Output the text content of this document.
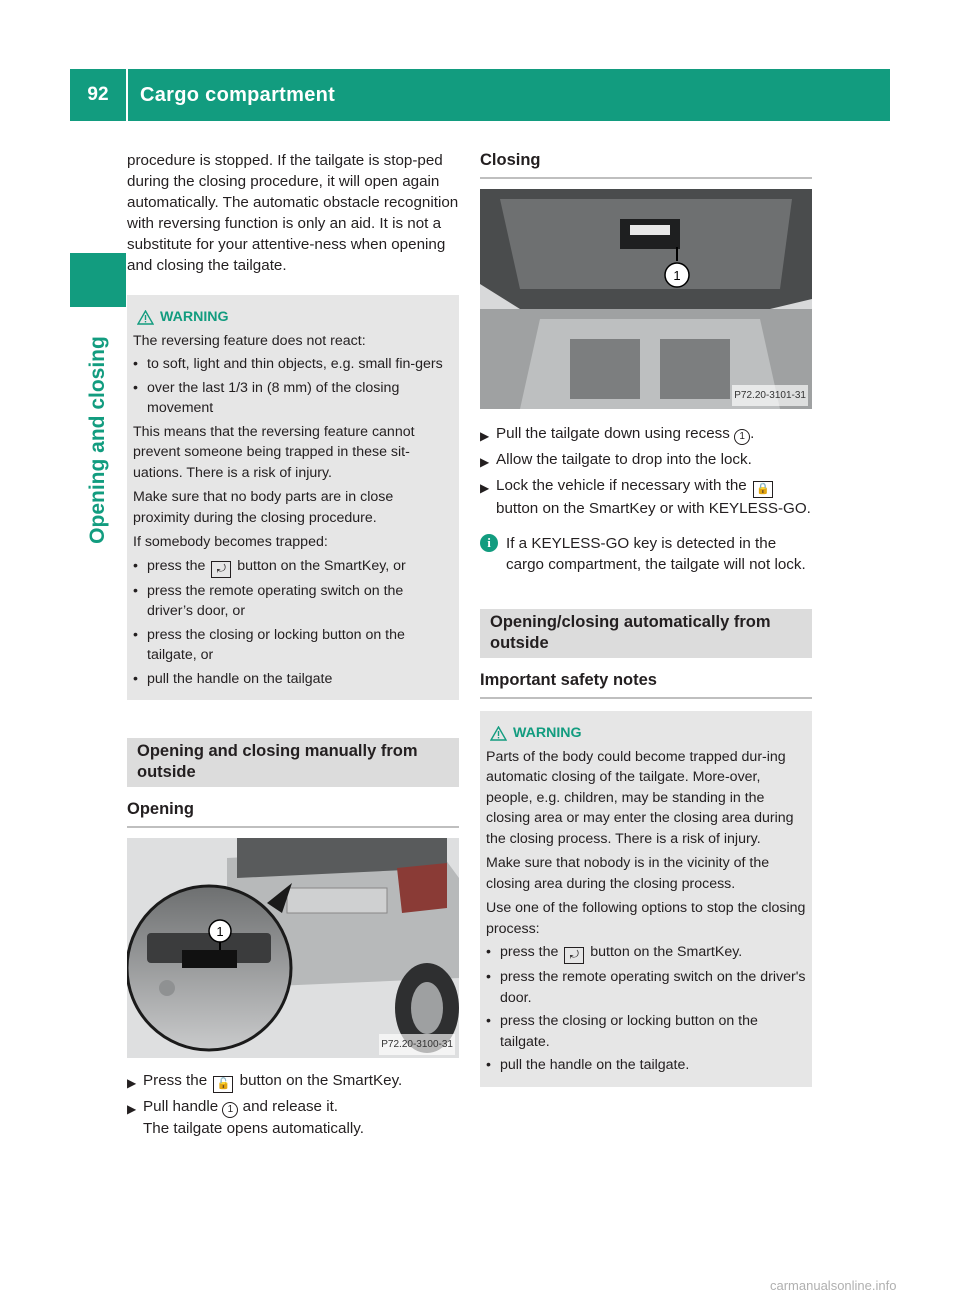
92	Cargo compartment
Opening and closing

procedure is stopped. If the tailgate is stop-ped during the closing procedure, it will open again automatically. The automatic obstacle recognition with reversing function is only an aid. It is not a substitute for your attentive-ness when opening and closing the tailgate.

WARNING

The reversing feature does not react:

• to soft, light and thin objects, e.g. small fin-gers
• over the last 1/3 in (8 mm) of the closing movement

This means that the reversing feature cannot prevent someone being trapped in these sit-uations. There is a risk of injury.

Make sure that no body parts are in close proximity during the closing procedure.

If somebody becomes trapped:

• press the ⤾ button on the SmartKey, or
• press the remote operating switch on the driver’s door, or
• press the closing or locking button on the tailgate, or
• pull the handle on the tailgate
Opening and closing manually from outside
Opening
1
P72.20-3100-31
▶ Press the 🔓 button on the SmartKey.
▶ Pull handle 1 and release it.
The tailgate opens automatically.
Closing
1
P72.20-3101-31
▶ Pull the tailgate down using recess 1 .
▶ Allow the tailgate to drop into the lock.
▶ Lock the vehicle if necessary with the 🔒 button on the SmartKey or with KEYLESS-GO.
i If a KEYLESS-GO key is detected in the cargo compartment, the tailgate will not lock.
Opening/closing automatically from outside
Important safety notes
WARNING

Parts of the body could become trapped dur-ing automatic closing of the tailgate. More-over, people, e.g. children, may be standing in the closing area or may enter the closing area during the closing process. There is a risk of injury.

Make sure that nobody is in the vicinity of the closing area during the closing process.

Use one of the following options to stop the closing process:

• press the ⤾ button on the SmartKey.
• press the remote operating switch on the driver's door.
• press the closing or locking button on the tailgate.
• pull the handle on the tailgate.
carmanualsonline.info
